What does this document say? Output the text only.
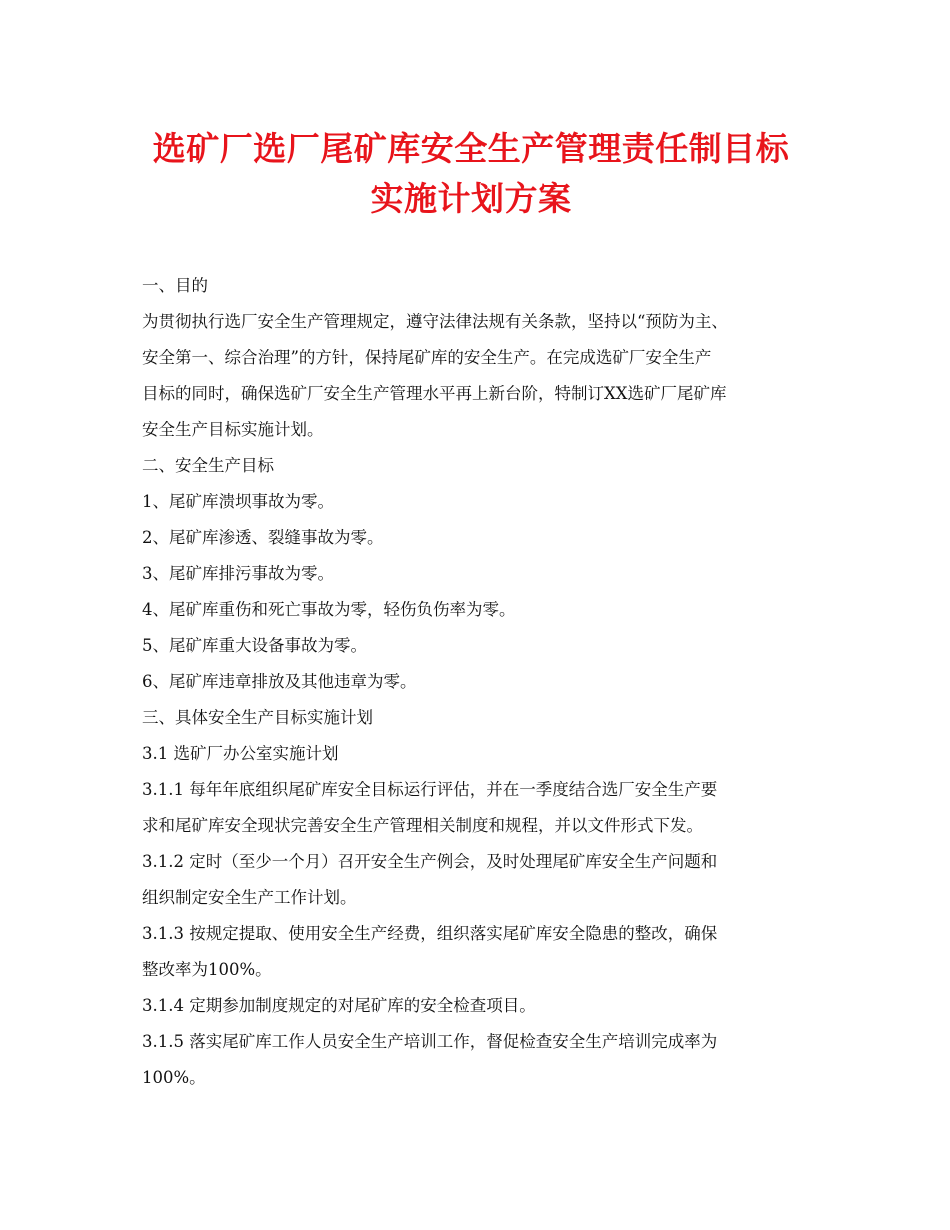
选矿厂选厂尾矿库安全生产管理责任制目标
实施计划方案

一、目的

为贯彻执行选厂安全生产管理规定，遵守法律法规有关条款，坚持以“预防为主、

安全第一、综合治理”的方针，保持尾矿库的安全生产。在完成选矿厂安全生产

目标的同时，确保选矿厂安全生产管理水平再上新台阶，特制订XX选矿厂尾矿库

安全生产目标实施计划。

二、安全生产目标

1、尾矿库溃坝事故为零。

2、尾矿库渗透、裂缝事故为零。

3、尾矿库排污事故为零。

4、尾矿库重伤和死亡事故为零，轻伤负伤率为零。

5、尾矿库重大设备事故为零。

6、尾矿库违章排放及其他违章为零。

三、具体安全生产目标实施计划

3.1 选矿厂办公室实施计划

3.1.1 每年年底组织尾矿库安全目标运行评估，并在一季度结合选厂安全生产要

求和尾矿库安全现状完善安全生产管理相关制度和规程，并以文件形式下发。

3.1.2 定时（至少一个月）召开安全生产例会，及时处理尾矿库安全生产问题和

组织制定安全生产工作计划。

3.1.3 按规定提取、使用安全生产经费，组织落实尾矿库安全隐患的整改，确保

整改率为100%。

3.1.4 定期参加制度规定的对尾矿库的安全检查项目。

3.1.5 落实尾矿库工作人员安全生产培训工作，督促检查安全生产培训完成率为

100%。
